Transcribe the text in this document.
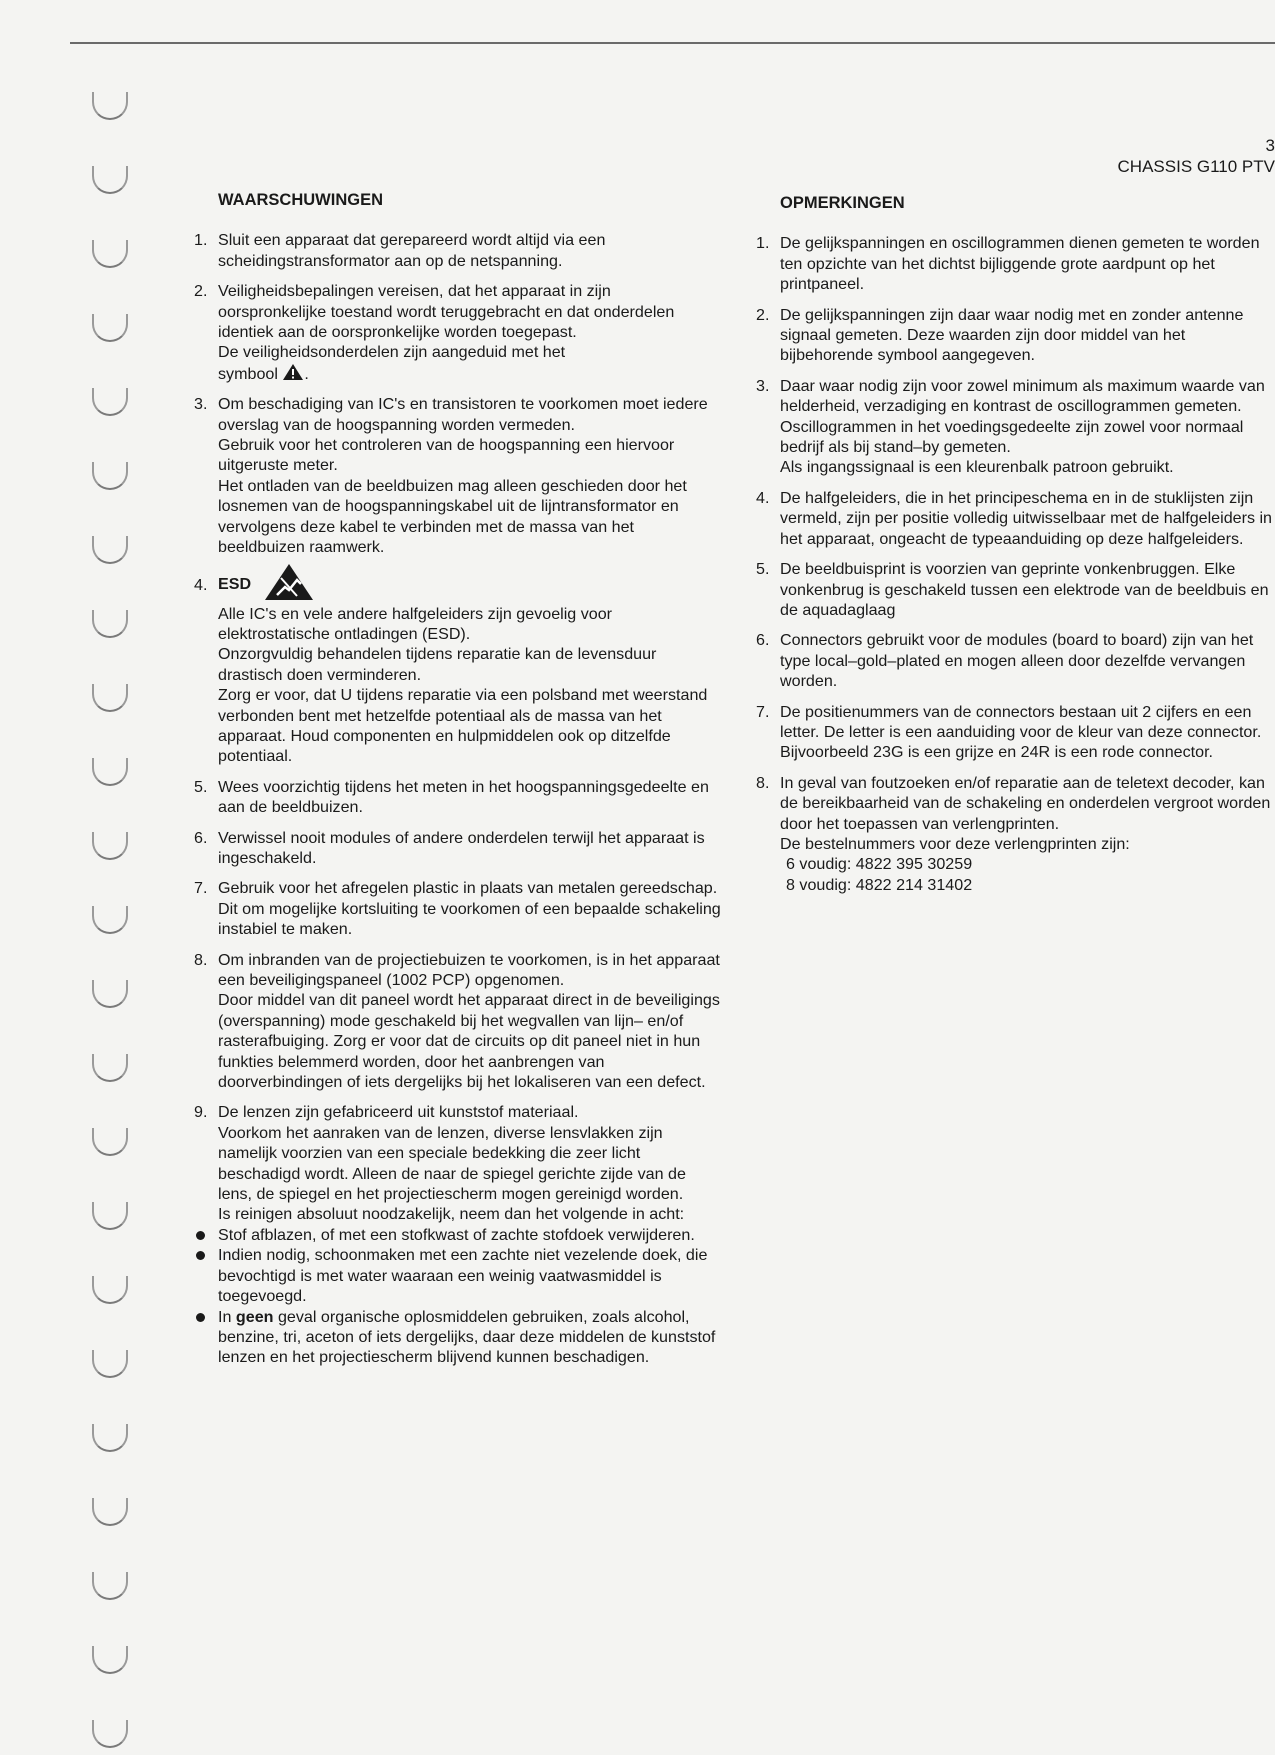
3
CHASSIS G110 PTV
WAARSCHUWINGEN
1. Sluit een apparaat dat gerepareerd wordt altijd via een scheidingstransformator aan op de netspanning.

2. Veiligheidsbepalingen vereisen, dat het apparaat in zijn oorspronkelijke toestand wordt teruggebracht en dat onderdelen identiek aan de oorspronkelijke worden toegepast.

De veiligheidsonderdelen zijn aangeduid met het

symbool .

3. Om beschadiging van IC's en transistoren te voorkomen moet iedere overslag van de hoogspanning worden vermeden.

Gebruik voor het controleren van de hoogspanning een hiervoor uitgeruste meter.

Het ontladen van de beeldbuizen mag alleen geschieden door het losnemen van de hoogspanningskabel uit de lijntransformator en vervolgens deze kabel te verbinden met de massa van het beeldbuizen raamwerk.

4. ESD

Alle IC's en vele andere halfgeleiders zijn gevoelig voor elektrostatische ontladingen (ESD).

Onzorgvuldig behandelen tijdens reparatie kan de levensduur drastisch doen verminderen.

Zorg er voor, dat U tijdens reparatie via een polsband met weerstand verbonden bent met hetzelfde potentiaal als de massa van het apparaat. Houd componenten en hulpmiddelen ook op ditzelfde potentiaal.

5. Wees voorzichtig tijdens het meten in het hoogspanningsgedeelte en aan de beeldbuizen.

6. Verwissel nooit modules of andere onderdelen terwijl het apparaat is ingeschakeld.

7. Gebruik voor het afregelen plastic in plaats van metalen gereedschap. Dit om mogelijke kortsluiting te voorkomen of een bepaalde schakeling instabiel te maken.

8. Om inbranden van de projectiebuizen te voorkomen, is in het apparaat een beveiligingspaneel (1002 PCP) opgenomen.

Door middel van dit paneel wordt het apparaat direct in de beveiligings (overspanning) mode geschakeld bij het wegvallen van lijn– en/of rasterafbuiging. Zorg er voor dat de circuits op dit paneel niet in hun funkties belemmerd worden, door het aanbrengen van doorverbindingen of iets dergelijks bij het lokaliseren van een defect.

9. De lenzen zijn gefabriceerd uit kunststof materiaal.

Voorkom het aanraken van de lenzen, diverse lensvlakken zijn namelijk voorzien van een speciale bedekking die zeer licht beschadigd wordt. Alleen de naar de spiegel gerichte zijde van de lens, de spiegel en het projectiescherm mogen gereinigd worden.

Is reinigen absoluut noodzakelijk, neem dan het volgende in acht:

Stof afblazen, of met een stofkwast of zachte stofdoek verwijderen.

Indien nodig, schoonmaken met een zachte niet vezelende doek, die bevochtigd is met water waaraan een weinig vaatwasmiddel is toegevoegd.

In geen geval organische oplosmiddelen gebruiken, zoals alcohol, benzine, tri, aceton of iets dergelijks, daar deze middelen de kunststof lenzen en het projectiescherm blijvend kunnen beschadigen.

OPMERKINGEN
1. De gelijkspanningen en oscillogrammen dienen gemeten te worden ten opzichte van het dichtst bijliggende grote aardpunt op het printpaneel.

2. De gelijkspanningen zijn daar waar nodig met en zonder antenne signaal gemeten. Deze waarden zijn door middel van het bijbehorende symbool aangegeven.

3. Daar waar nodig zijn voor zowel minimum als maximum waarde van helderheid, verzadiging en kontrast de oscillogrammen gemeten. Oscillogrammen in het voedingsgedeelte zijn zowel voor normaal bedrijf als bij stand–by gemeten.

Als ingangssignaal is een kleurenbalk patroon gebruikt.

4. De halfgeleiders, die in het principeschema en in de stuklijsten zijn vermeld, zijn per positie volledig uitwisselbaar met de halfgeleiders in het apparaat, ongeacht de typeaanduiding op deze halfgeleiders.

5. De beeldbuisprint is voorzien van geprinte vonkenbruggen. Elke vonkenbrug is geschakeld tussen een elektrode van de beeldbuis en de aquadaglaag

6. Connectors gebruikt voor de modules (board to board) zijn van het type local–gold–plated en mogen alleen door dezelfde vervangen worden.

7. De positienummers van de connectors bestaan uit 2 cijfers en een letter. De letter is een aanduiding voor de kleur van deze connector. Bijvoorbeeld 23G is een grijze en 24R is een rode connector.

8. In geval van foutzoeken en/of reparatie aan de teletext decoder, kan de bereikbaarheid van de schakeling en onderdelen vergroot worden door het toepassen van verlengprinten.

De bestelnummers voor deze verlengprinten zijn:

6 voudig: 4822 395 30259

8 voudig: 4822 214 31402
